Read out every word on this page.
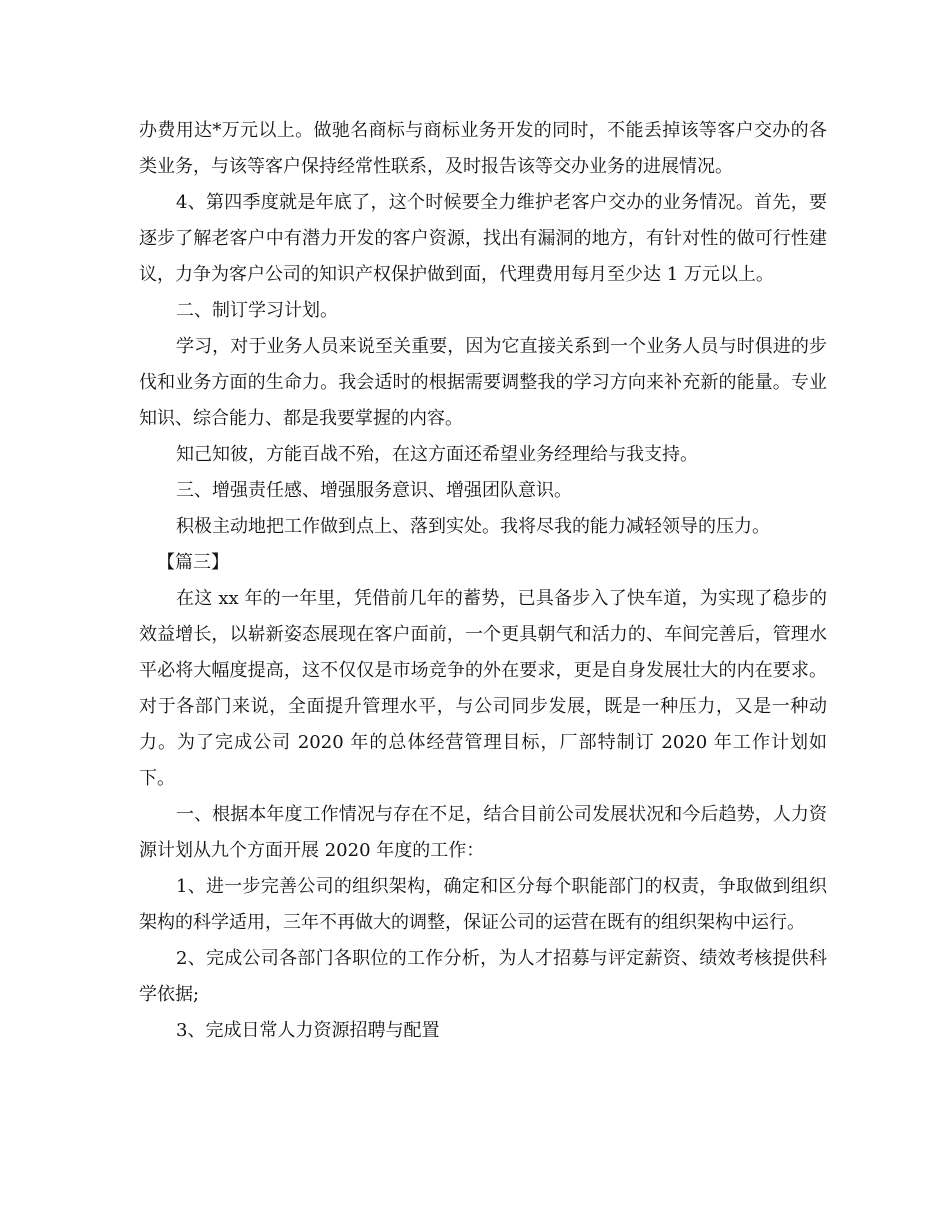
办费用达*万元以上。做驰名商标与商标业务开发的同时，不能丢掉该等客户交办的各类业务，与该等客户保持经常性联系，及时报告该等交办业务的进展情况。

4、第四季度就是年底了，这个时候要全力维护老客户交办的业务情况。首先，要逐步了解老客户中有潜力开发的客户资源，找出有漏洞的地方，有针对性的做可行性建议，力争为客户公司的知识产权保护做到面，代理费用每月至少达 1 万元以上。

二、制订学习计划。

学习，对于业务人员来说至关重要，因为它直接关系到一个业务人员与时俱进的步伐和业务方面的生命力。我会适时的根据需要调整我的学习方向来补充新的能量。专业知识、综合能力、都是我要掌握的内容。

知己知彼，方能百战不殆，在这方面还希望业务经理给与我支持。

三、增强责任感、增强服务意识、增强团队意识。

积极主动地把工作做到点上、落到实处。我将尽我的能力减轻领导的压力。

【篇三】

在这 xx 年的一年里，凭借前几年的蓄势，已具备步入了快车道，为实现了稳步的效益增长，以崭新姿态展现在客户面前，一个更具朝气和活力的、车间完善后，管理水平必将大幅度提高，这不仅仅是市场竞争的外在要求，更是自身发展壮大的内在要求。对于各部门来说，全面提升管理水平，与公司同步发展，既是一种压力，又是一种动力。为了完成公司 2020 年的总体经营管理目标，厂部特制订 2020 年工作计划如下。

一、根据本年度工作情况与存在不足，结合目前公司发展状况和今后趋势，人力资源计划从九个方面开展 2020 年度的工作：

1、进一步完善公司的组织架构，确定和区分每个职能部门的权责，争取做到组织架构的科学适用，三年不再做大的调整，保证公司的运营在既有的组织架构中运行。

2、完成公司各部门各职位的工作分析，为人才招募与评定薪资、绩效考核提供科学依据;

3、完成日常人力资源招聘与配置
